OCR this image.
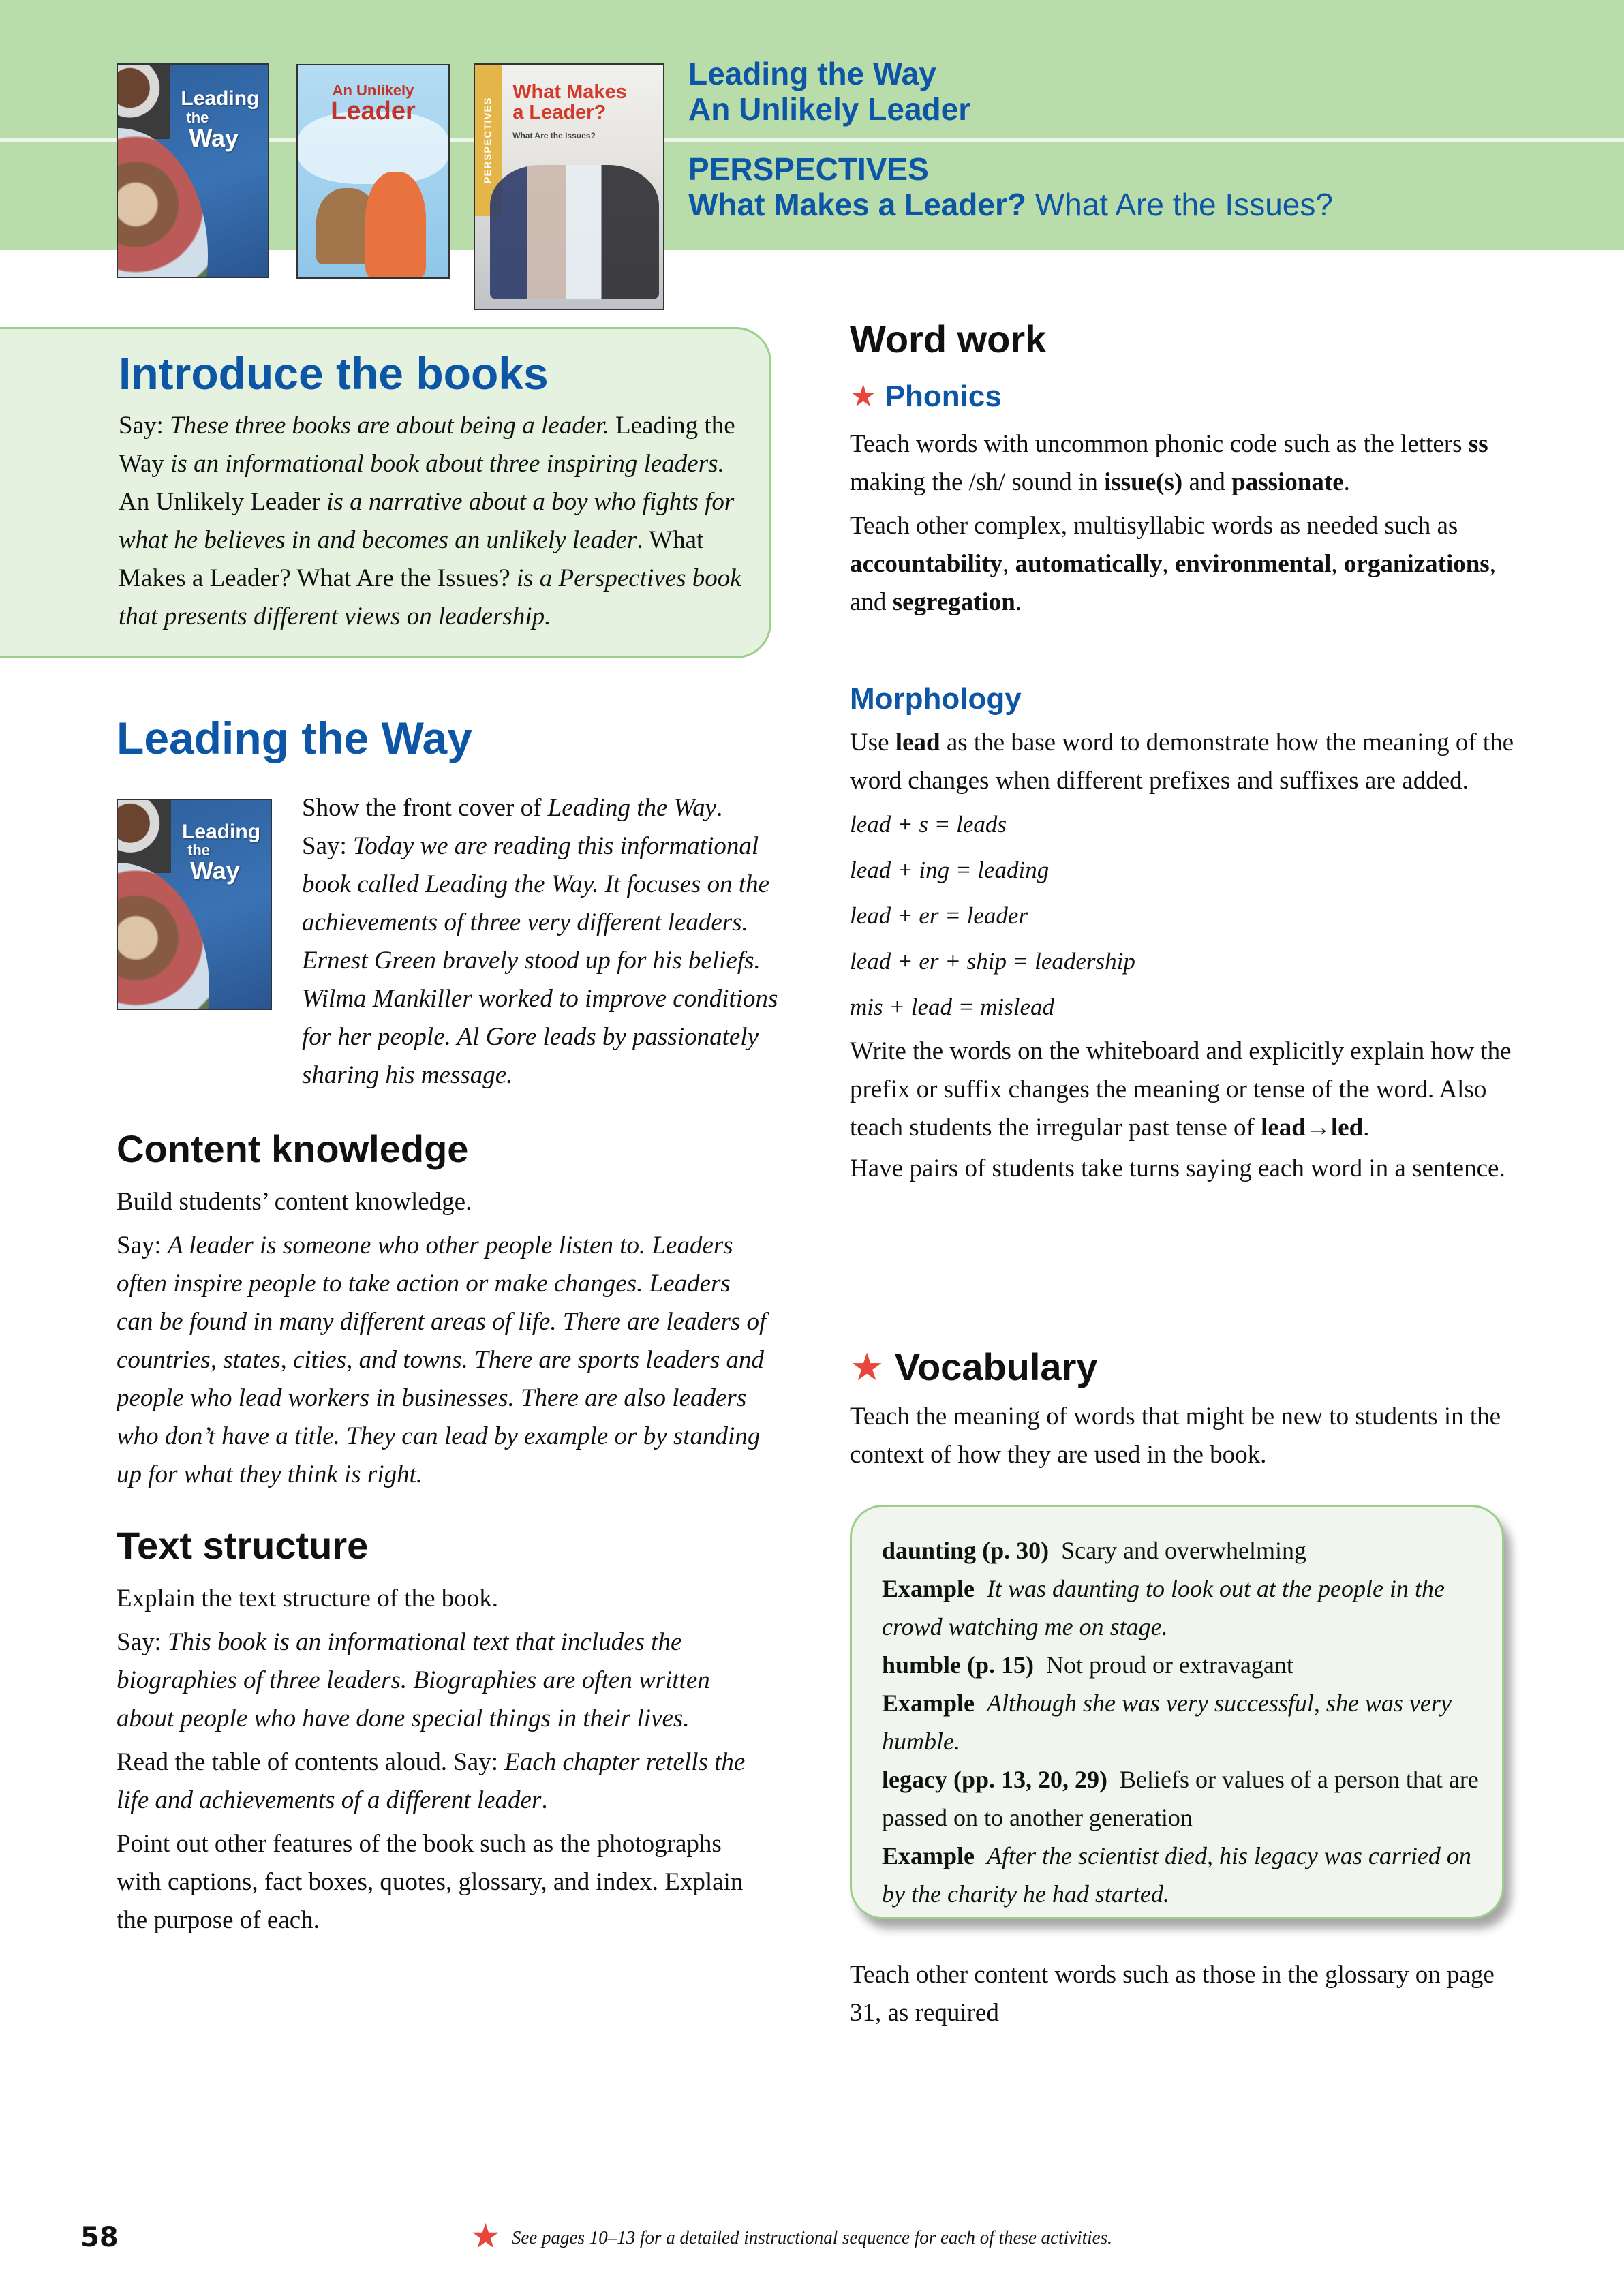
Leading
the
Way
An Unlikely
Leader	PERSPECTIVES
What Makes
a Leader?
What Are the Issues?
Leading the Way
An Unlikely Leader
PERSPECTIVES
What Makes a Leader? What Are the Issues?
Introduce the books

Say: These three books are about being a leader. Leading the Way is an informational book about three inspiring leaders. An Unlikely Leader is a narrative about a boy who fights for what he believes in and becomes an unlikely leader. What Makes a Leader? What Are the Issues? is a Perspectives book that presents different views on leadership.

Leading the Way
Leading
the
Way

Show the front cover of Leading the Way.
Say: Today we are reading this informational book called Leading the Way. It focuses on the achievements of three very different leaders. Ernest Green bravely stood up for his beliefs. Wilma Mankiller worked to improve conditions for her people. Al Gore leads by passionately sharing his message.

Content knowledge

Build students’ content knowledge.

Say: A leader is someone who other people listen to. Leaders often inspire people to take action or make changes. Leaders can be found in many different areas of life. There are leaders of countries, states, cities, and towns. There are sports leaders and people who lead workers in businesses. There are also leaders who don’t have a title. They can lead by example or by standing up for what they think is right.

Text structure

Explain the text structure of the book.

Say: This book is an informational text that includes the biographies of three leaders. Biographies are often written about people who have done special things in their lives.

Read the table of contents aloud. Say: Each chapter retells the life and achievements of a different leader.

Point out other features of the book such as the photographs with captions, fact boxes, quotes, glossary, and index. Explain the purpose of each.

Word work
★ Phonics

Teach words with uncommon phonic code such as the letters ss making the /sh/ sound in issue(s) and passionate.

Teach other complex, multisyllabic words as needed such as accountability, automatically, environmental, organizations, and segregation.

Morphology

Use lead as the base word to demonstrate how the meaning of the word changes when different prefixes and suffixes are added.

lead + s = leads

lead + ing = leading

lead + er = leader

lead + er + ship = leadership

mis + lead = mislead

Write the words on the whiteboard and explicitly explain how the prefix or suffix changes the meaning or tense of the word. Also teach students the irregular past tense of lead→led.

Have pairs of students take turns saying each word in a sentence.

★ Vocabulary

Teach the meaning of words that might be new to students in the context of how they are used in the book.

daunting (p. 30) Scary and overwhelming

Example It was daunting to look out at the people in the crowd watching me on stage.

humble (p. 15) Not proud or extravagant

Example Although she was very successful, she was very humble.

legacy (pp. 13, 20, 29) Beliefs or values of a person that are passed on to another generation

Example After the scientist died, his legacy was carried on by the charity he had started.

Teach other content words such as those in the glossary on page 31, as required

58	★ See pages 10–13 for a detailed instructional sequence for each of these activities.
